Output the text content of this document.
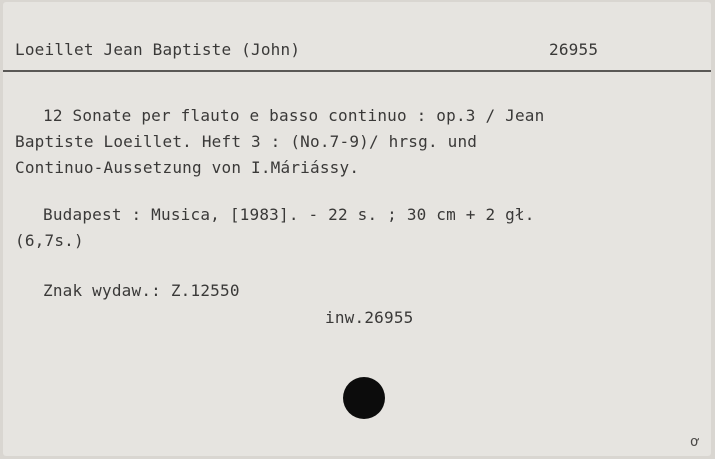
Loeillet Jean Baptiste (John)	26955
12 Sonate per flauto e basso continuo : op.3 / Jean
Baptiste Loeillet. Heft 3 : (No.7-9)/ hrsg. und
Continuo-Aussetzung von I.Máriássy.
Budapest : Musica, [1983]. - 22 s. ; 30 cm + 2 gł.
(6,7s.)
Znak wydaw.: Z.12550
inw.26955
ơ
